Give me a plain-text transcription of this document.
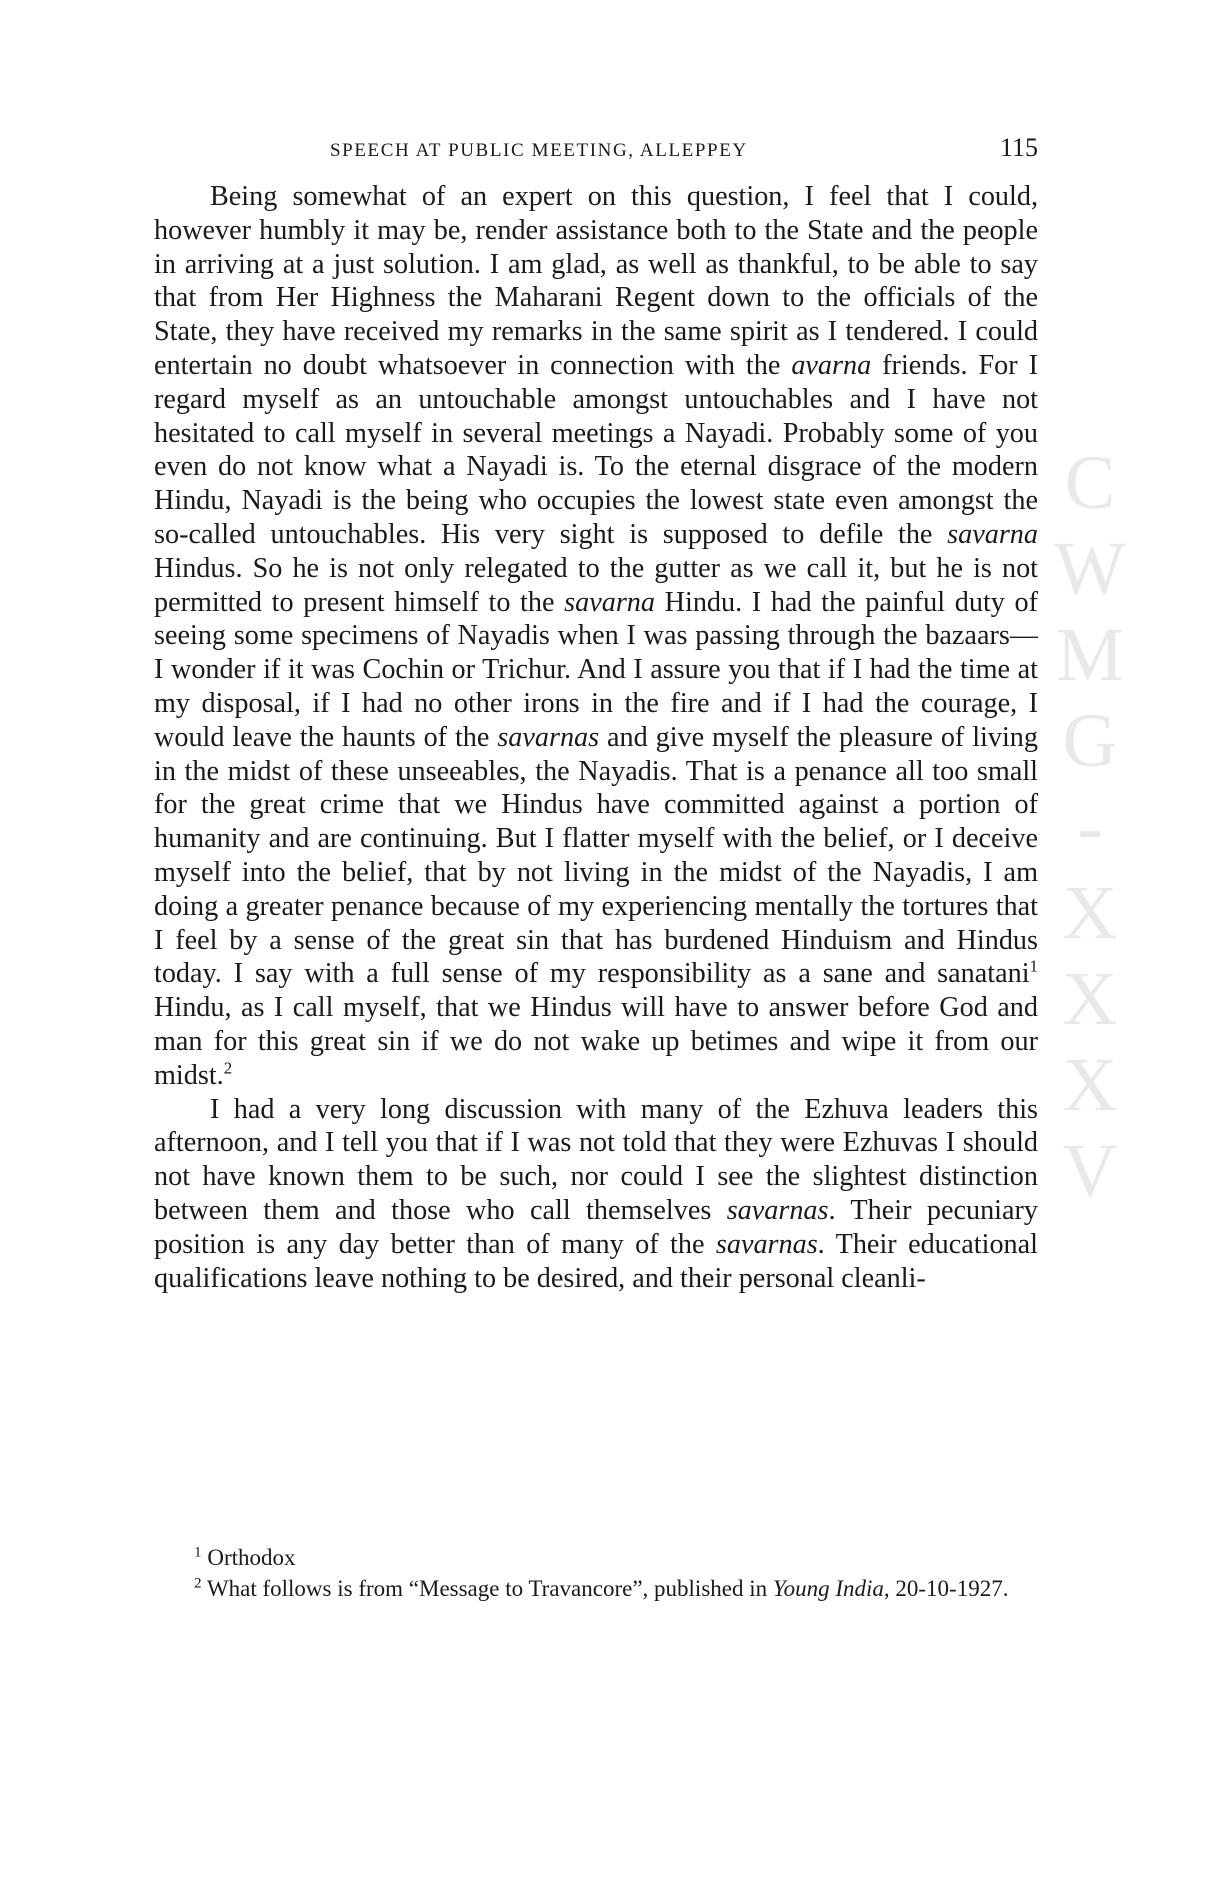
C
W
M
G
-
X
X
X
V
SPEECH AT PUBLIC MEETING, ALLEPPEY	115

Being somewhat of an expert on this question, I feel that I could, however humbly it may be, render assistance both to the State and the people in arriving at a just solution. I am glad, as well as thankful, to be able to say that from Her Highness the Maharani Regent down to the officials of the State, they have received my remarks in the same spirit as I tendered. I could entertain no doubt whatsoever in connection with the avarna friends. For I regard myself as an untouchable amongst untouchables and I have not hesitated to call myself in several meetings a Nayadi. Probably some of you even do not know what a Nayadi is. To the eternal disgrace of the modern Hindu, Nayadi is the being who occupies the lowest state even amongst the so-called untouchables. His very sight is supposed to defile the savarna Hindus. So he is not only relegated to the gutter as we call it, but he is not permitted to present himself to the savarna Hindu. I had the painful duty of seeing some specimens of Nayadis when I was passing through the bazaars—I wonder if it was Cochin or Trichur. And I assure you that if I had the time at my disposal, if I had no other irons in the fire and if I had the courage, I would leave the haunts of the savarnas and give myself the pleasure of living in the midst of these unseeables, the Nayadis. That is a penance all too small for the great crime that we Hindus have committed against a portion of humanity and are continuing. But I flatter myself with the belief, or I deceive myself into the belief, that by not living in the midst of the Nayadis, I am doing a greater penance because of my experiencing mentally the tortures that I feel by a sense of the great sin that has burdened Hinduism and Hindus today. I say with a full sense of my responsibility as a sane and sanatani$^1$ Hindu, as I call myself, that we Hindus will have to answer before God and man for this great sin if we do not wake up betimes and wipe it from our midst.$^2$

I had a very long discussion with many of the Ezhuva leaders this afternoon, and I tell you that if I was not told that they were Ezhuvas I should not have known them to be such, nor could I see the slightest distinction between them and those who call themselves savarnas. Their pecuniary position is any day better than of many of the savarnas. Their educational qualifications leave nothing to be desired, and their personal cleanli-

$^1$ Orthodox

$^2$ What follows is from “Message to Travancore”, published in Young India, 20-10-1927.
